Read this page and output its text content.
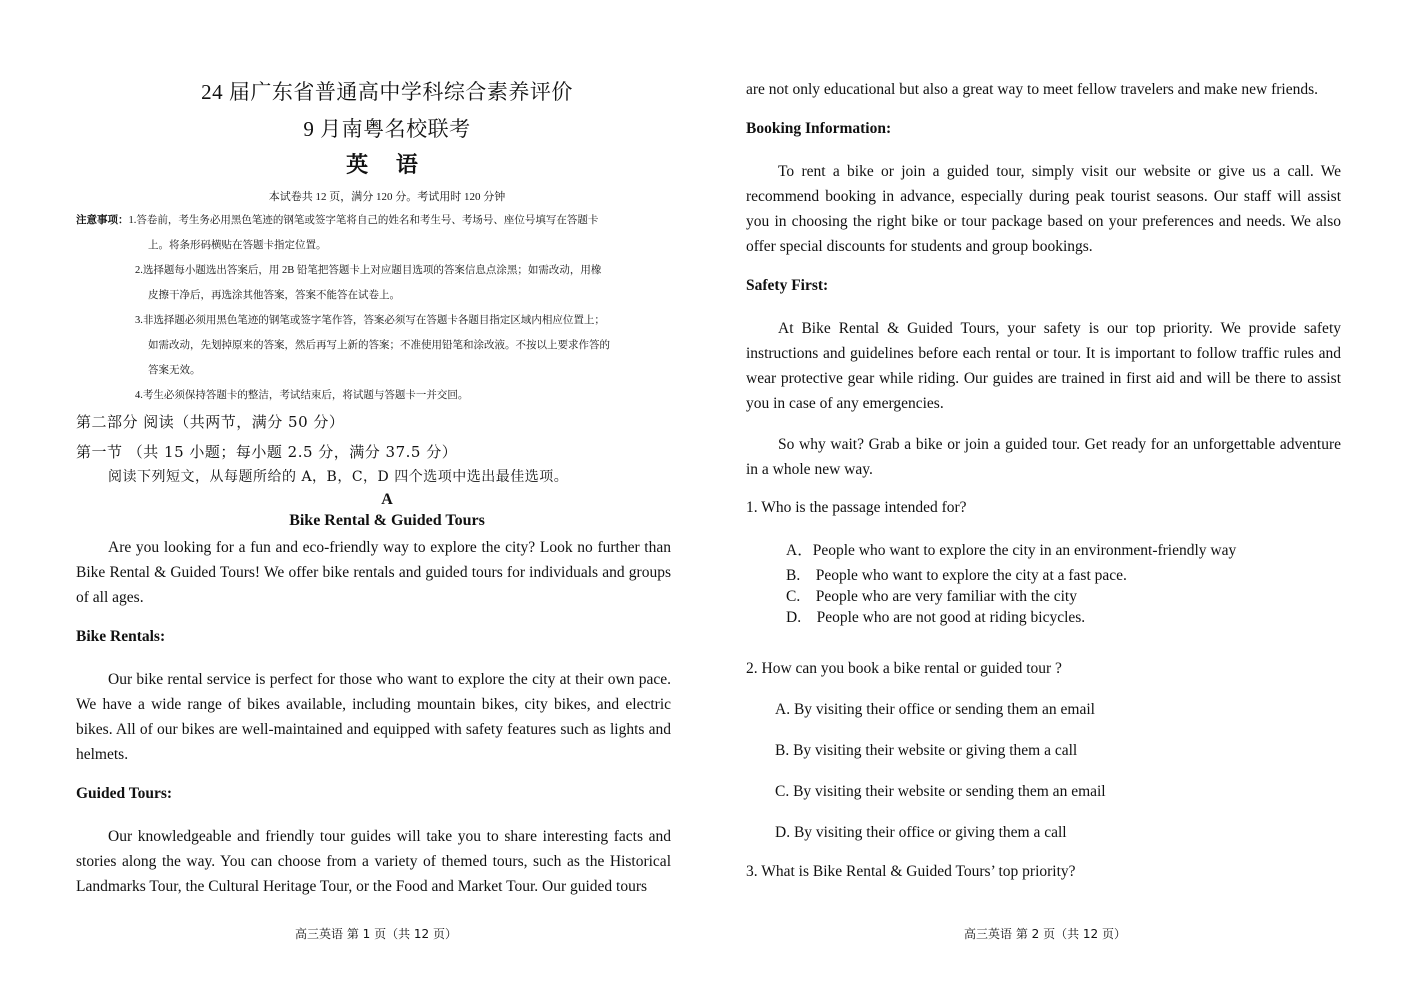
24 届广东省普通高中学科综合素养评价
9 月南粤名校联考
英 语
本试卷共 12 页，满分 120 分。考试用时 120 分钟
注意事项：1.答卷前，考生务必用黑色笔迹的钢笔或签字笔将自己的姓名和考生号、考场号、座位号填写在答题卡
上。将条形码横贴在答题卡指定位置。
2.选择题每小题选出答案后，用 2B 铅笔把答题卡上对应题目选项的答案信息点涂黑；如需改动，用橡
皮擦干净后，再选涂其他答案，答案不能答在试卷上。
3.非选择题必须用黑色笔迹的钢笔或签字笔作答，答案必须写在答题卡各题目指定区域内相应位置上；
如需改动，先划掉原来的答案，然后再写上新的答案；不准使用铅笔和涂改液。不按以上要求作答的
答案无效。
4.考生必须保持答题卡的整洁，考试结束后，将试题与答题卡一并交回。
第二部分 阅读（共两节，满分 50 分）
第一节 （共 15 小题；每小题 2.5 分，满分 37.5 分）
阅读下列短文，从每题所给的 A，B，C，D 四个选项中选出最佳选项。
A
Bike Rental & Guided Tours

Are you looking for a fun and eco-friendly way to explore the city? Look no further than Bike Rental & Guided Tours! We offer bike rentals and guided tours for individuals and groups of all ages.

Bike Rentals:

Our bike rental service is perfect for those who want to explore the city at their own pace. We have a wide range of bikes available, including mountain bikes, city bikes, and electric bikes. All of our bikes are well-maintained and equipped with safety features such as lights and helmets.

Guided Tours:

Our knowledgeable and friendly tour guides will take you to share interesting facts and stories along the way. You can choose from a variety of themed tours, such as the Historical Landmarks Tour, the Cultural Heritage Tour, or the Food and Market Tour. Our guided tours

高三英语 第 1 页（共 12 页）

are not only educational but also a great way to meet fellow travelers and make new friends.

Booking Information:

To rent a bike or join a guided tour, simply visit our website or give us a call. We recommend booking in advance, especially during peak tourist seasons. Our staff will assist you in choosing the right bike or tour package based on your preferences and needs. We also offer special discounts for students and group bookings.

Safety First:

At Bike Rental & Guided Tours, your safety is our top priority. We provide safety instructions and guidelines before each rental or tour. It is important to follow traffic rules and wear protective gear while riding. Our guides are trained in first aid and will be there to assist you in case of any emergencies.

So why wait? Grab a bike or join a guided tour. Get ready for an unforgettable adventure in a whole new way.

1. Who is the passage intended for?
A．People who want to explore the city in an environment-friendly way
B.    People who want to explore the city at a fast pace.
C.    People who are very familiar with the city
D.    People who are not good at riding bicycles.
2. How can you book a bike rental or guided tour ?
A. By visiting their office or sending them an email
B. By visiting their website or giving them a call
C. By visiting their website or sending them an email
D. By visiting their office or giving them a call
3. What is Bike Rental & Guided Tours’ top priority?
高三英语 第 2 页（共 12 页）
